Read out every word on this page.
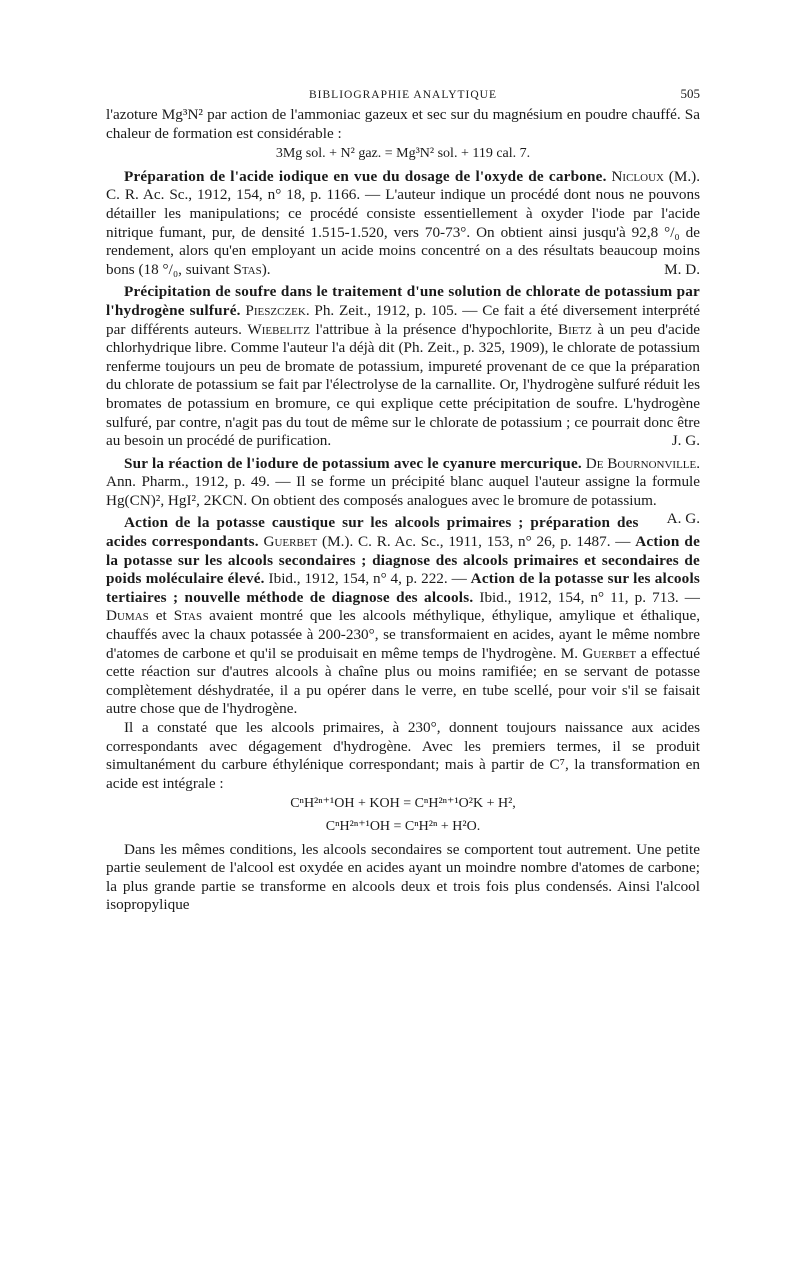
BIBLIOGRAPHIE ANALYTIQUE	505

l'azoture Mg³N² par action de l'ammoniac gazeux et sec sur du magnésium en poudre chauffé. Sa chaleur de formation est considérable :

3Mg sol. + N² gaz. = Mg³N² sol. + 119 cal. 7.

Préparation de l'acide iodique en vue du dosage de l'oxyde de carbone. Nicloux (M.). C. R. Ac. Sc., 1912, 154, n° 18, p. 1166. — L'auteur indique un procédé dont nous ne pouvons détailler les manipulations; ce procédé consiste essentiellement à oxyder l'iode par l'acide nitrique fumant, pur, de densité 1.515-1.520, vers 70-73°. On obtient ainsi jusqu'à 92,8 °/₀ de rendement, alors qu'en employant un acide moins concentré on a des résultats beaucoup moins bons (18 °/₀, suivant Stas).	M. D.

Précipitation de soufre dans le traitement d'une solution de chlorate de potassium par l'hydrogène sulfuré. Pieszczek. Ph. Zeit., 1912, p. 105. — Ce fait a été diversement interprété par différents auteurs. Wiebelitz l'attribue à la présence d'hypochlorite, Bietz à un peu d'acide chlorhydrique libre. Comme l'auteur l'a déjà dit (Ph. Zeit., p. 325, 1909), le chlorate de potassium renferme toujours un peu de bromate de potassium, impureté provenant de ce que la préparation du chlorate de potassium se fait par l'électrolyse de la carnallite. Or, l'hydrogène sulfuré réduit les bromates de potassium en bromure, ce qui explique cette précipitation de soufre. L'hydrogène sulfuré, par contre, n'agit pas du tout de même sur le chlorate de potassium ; ce pourrait donc être au besoin un procédé de purification.	J. G.

Sur la réaction de l'iodure de potassium avec le cyanure mercurique. De Bournonville. Ann. Pharm., 1912, p. 49. — Il se forme un précipité blanc auquel l'auteur assigne la formule Hg(CN)², HgI², 2KCN. On obtient des composés analogues avec le bromure de potassium.
A. G.

Action de la potasse caustique sur les alcools primaires ; préparation des acides correspondants. Guerbet (M.). C. R. Ac. Sc., 1911, 153, n° 26, p. 1487. — Action de la potasse sur les alcools secondaires ; diagnose des alcools primaires et secondaires de poids moléculaire élevé. Ibid., 1912, 154, n° 4, p. 222. — Action de la potasse sur les alcools tertiaires ; nouvelle méthode de diagnose des alcools. Ibid., 1912, 154, n° 11, p. 713. — Dumas et Stas avaient montré que les alcools méthylique, éthylique, amylique et éthalique, chauffés avec la chaux potassée à 200-230°, se transformaient en acides, ayant le même nombre d'atomes de carbone et qu'il se produisait en même temps de l'hydrogène. M. Guerbet a effectué cette réaction sur d'autres alcools à chaîne plus ou moins ramifiée; en se servant de potasse complètement déshydratée, il a pu opérer dans le verre, en tube scellé, pour voir s'il se faisait autre chose que de l'hydrogène.

Il a constaté que les alcools primaires, à 230°, donnent toujours naissance aux acides correspondants avec dégagement d'hydrogène. Avec les premiers termes, il se produit simultanément du carbure éthylénique correspondant; mais à partir de C⁷, la transformation en acide est intégrale :

CⁿH²ⁿ⁺¹OH + KOH = CⁿH²ⁿ⁺¹O²K + H²,

CⁿH²ⁿ⁺¹OH = CⁿH²ⁿ + H²O.

Dans les mêmes conditions, les alcools secondaires se comportent tout autrement. Une petite partie seulement de l'alcool est oxydée en acides ayant un moindre nombre d'atomes de carbone; la plus grande partie se transforme en alcools deux et trois fois plus condensés. Ainsi l'alcool isopropylique
